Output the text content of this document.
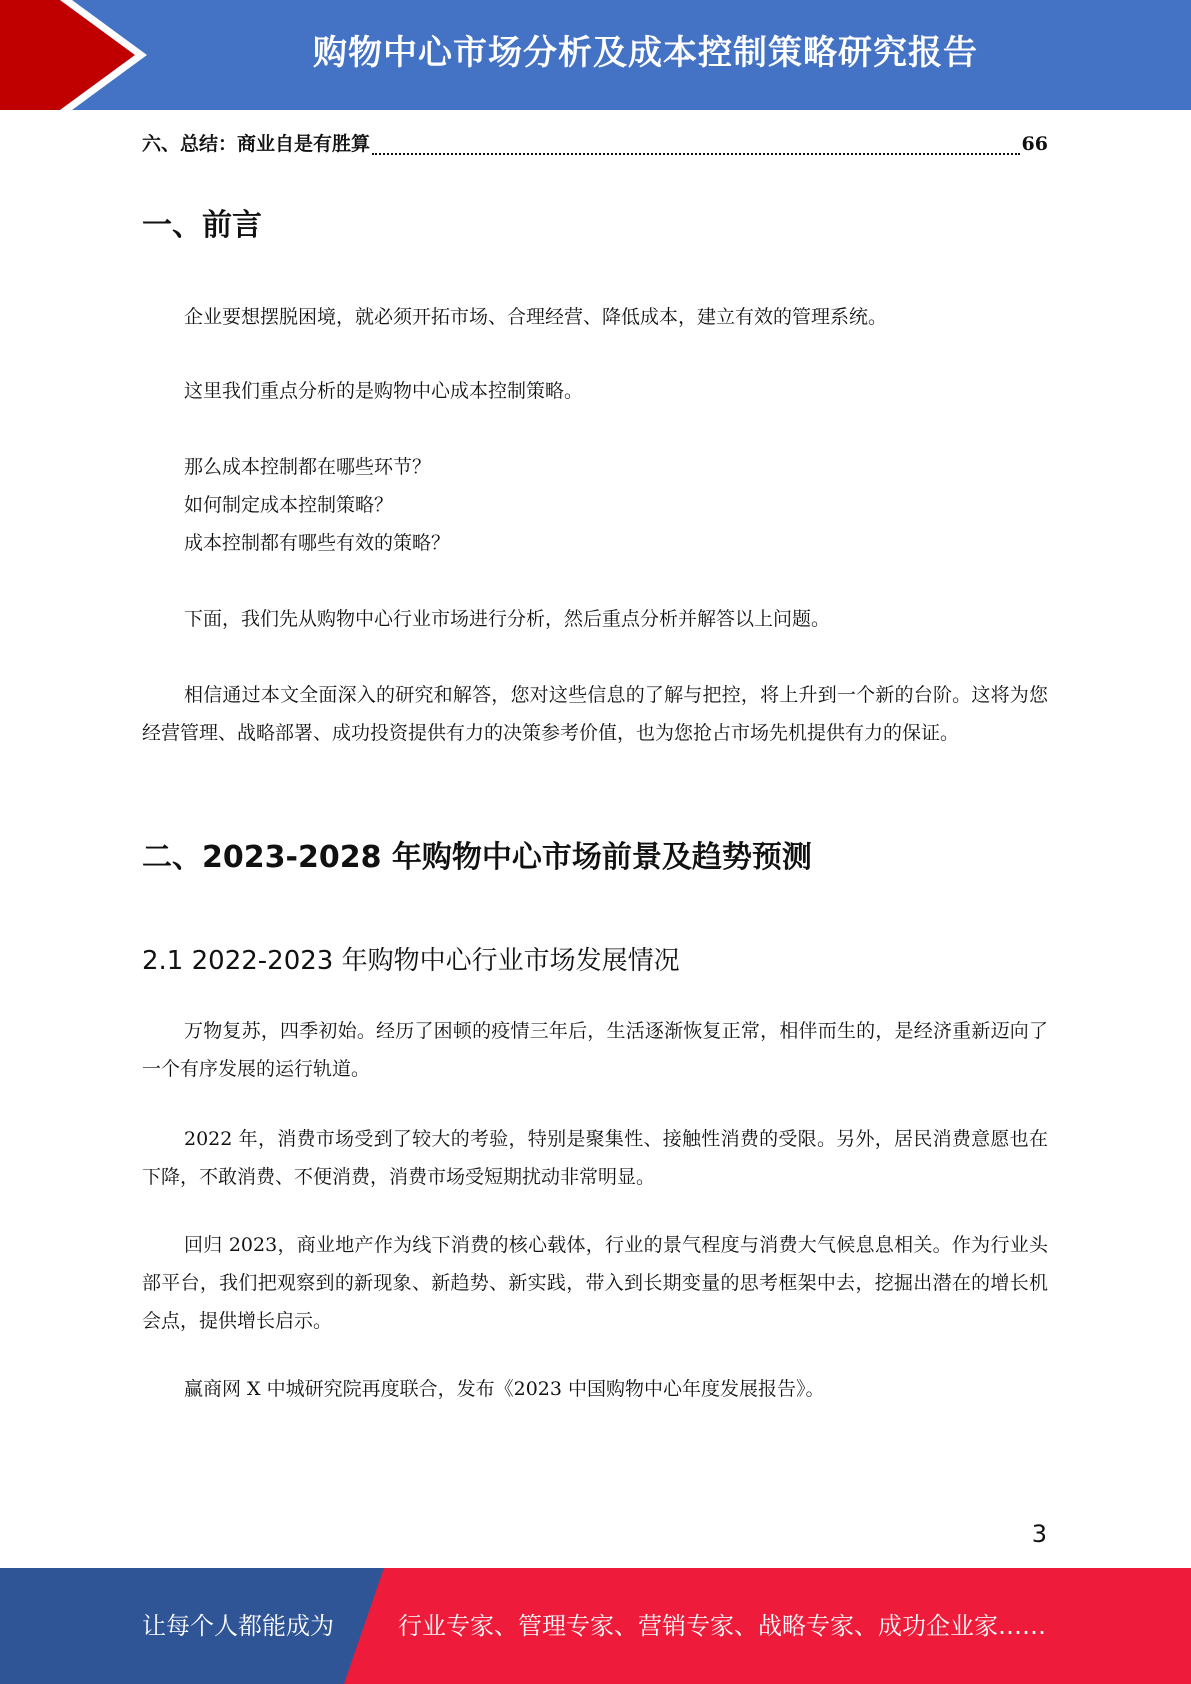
购物中心市场分析及成本控制策略研究报告
六、总结：商业自是有胜算	66
一、前言

企业要想摆脱困境，就必须开拓市场、合理经营、降低成本，建立有效的管理系统。

这里我们重点分析的是购物中心成本控制策略。

那么成本控制都在哪些环节？

如何制定成本控制策略？

成本控制都有哪些有效的策略？

下面，我们先从购物中心行业市场进行分析，然后重点分析并解答以上问题。

相信通过本文全面深入的研究和解答，您对这些信息的了解与把控，将上升到一个新的台阶。这将为您经营管理、战略部署、成功投资提供有力的决策参考价值，也为您抢占市场先机提供有力的保证。

二、2023-2028 年购物中心市场前景及趋势预测
2.1 2022-2023 年购物中心行业市场发展情况

万物复苏，四季初始。经历了困顿的疫情三年后，生活逐渐恢复正常，相伴而生的，是经济重新迈向了一个有序发展的运行轨道。

2022 年，消费市场受到了较大的考验，特别是聚集性、接触性消费的受限。另外，居民消费意愿也在下降，不敢消费、不便消费，消费市场受短期扰动非常明显。

回归 2023，商业地产作为线下消费的核心载体，行业的景气程度与消费大气候息息相关。作为行业头部平台，我们把观察到的新现象、新趋势、新实践，带入到长期变量的思考框架中去，挖掘出潜在的增长机会点，提供增长启示。

赢商网 X 中城研究院再度联合，发布《2023 中国购物中心年度发展报告》。

3
让每个人都能成为	行业专家、管理专家、营销专家、战略专家、成功企业家……
